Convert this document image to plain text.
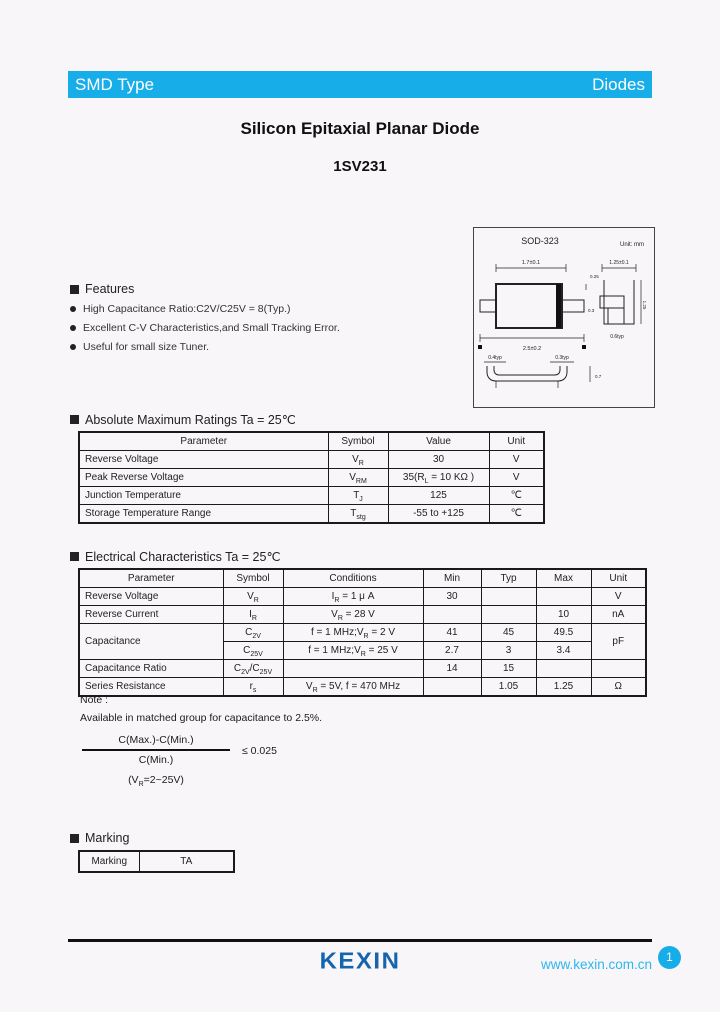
SMD Type	Diodes
Silicon Epitaxial Planar Diode
1SV231
Features
High Capacitance Ratio:C2V/C25V = 8(Typ.)
Excellent C-V Characteristics,and Small Tracking Error.
Useful for small size Tuner.
SOD-323	Unit: mm
1.7±0.1
0.25
0.3
2.5±0.2
1.25±0.1
0.6typ
1.25
0.4typ	0.3typ
0.7
Absolute Maximum Ratings Ta = 25℃
Parameter	Symbol	Value	Unit
Reverse Voltage	$V_R$	30	V
Peak Reverse Voltage	$V_{RM}$	$35(R_L = 10$ KΩ )	V
Junction Temperature	$T_J$	125	℃
Storage Temperature Range	$T_{stg}$	-55 to +125	℃
Electrical Characteristics Ta = 25℃
Parameter	Symbol	Conditions	Min	Typ	Max	Unit
Reverse Voltage	$V_R$	$I_R = 1$ μ A	30			V
Reverse Current	$I_R$	$V_R = 28$ V			10	nA
Capacitance	$C_{2V}$	f = 1 $MHz;V_R = 2$ V	41	45	49.5	pF
	$C_{25V}$	f = 1 $MHz;V_R = 25$ V	2.7	3	3.4	
Capacitance Ratio	$C_{2V}/C_{25V}$		14	15		
Series Resistance	$r_s$	$V_R = 5V$, f = 470 MHz		1.05	1.25	Ω
Note :
Available in matched group for capacitance to 2.5%.
C(Max.)-C(Min.)
C(Min.)
≤ 0.025
$(V_R=2\sim 25V)$
Marking
Marking	TA
KEXIN	www.kexin.com.cn	1
